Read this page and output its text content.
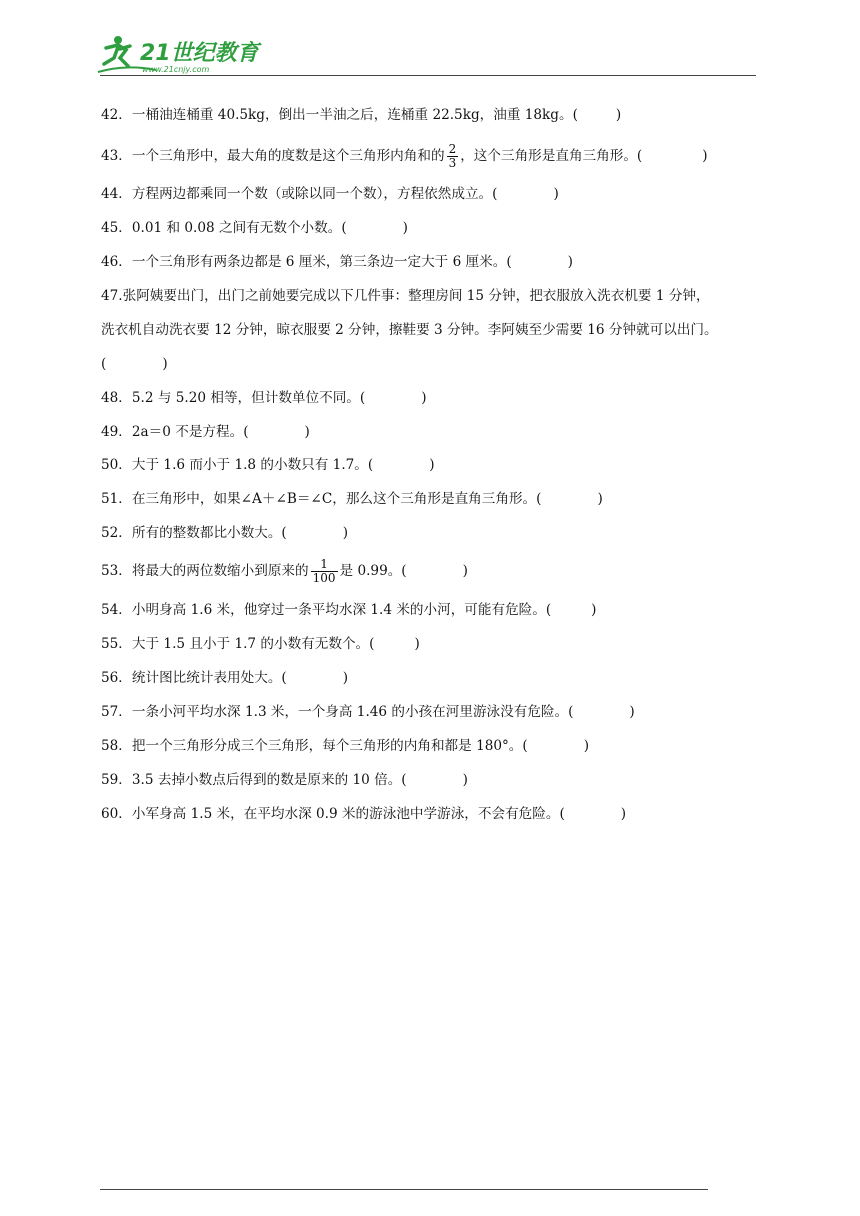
21世纪教育
www.21cnjy.com
42．一桶油连桶重 40.5kg，倒出一半油之后，连桶重 22.5kg，油重 18kg。(	)
43．一个三角形中，最大角的度数是这个三角形内角和的 $\frac{2}{3}$ ，这个三角形是直角三角形。(	)
44．方程两边都乘同一个数（或除以同一个数），方程依然成立。(	)
45．0.01 和 0.08 之间有无数个小数。(	)
46．一个三角形有两条边都是 6 厘米，第三条边一定大于 6 厘米。(	)
47.张阿姨要出门，出门之前她要完成以下几件事：整理房间 15 分钟，把衣服放入洗衣机要 1 分钟，
洗衣机自动洗衣要 12 分钟，晾衣服要 2 分钟，擦鞋要 3 分钟。李阿姨至少需要 16 分钟就可以出门。
(	)
48．5.2 与 5.20 相等，但计数单位不同。(	)
49．2a＝0 不是方程。(	)
50．大于 1.6 而小于 1.8 的小数只有 1.7。(	)
51．在三角形中，如果∠A＋∠B＝∠C，那么这个三角形是直角三角形。(	)
52．所有的整数都比小数大。(	)
53．将最大的两位数缩小到原来的 $\frac{1}{100}$ 是 0.99。(	)
54．小明身高 1.6 米，他穿过一条平均水深 1.4 米的小河，可能有危险。(	)
55．大于 1.5 且小于 1.7 的小数有无数个。(	)
56．统计图比统计表用处大。(	)
57．一条小河平均水深 1.3 米，一个身高 1.46 的小孩在河里游泳没有危险。(	)
58．把一个三角形分成三个三角形，每个三角形的内角和都是 180°。(	)
59．3.5 去掉小数点后得到的数是原来的 10 倍。(	)
60．小军身高 1.5 米，在平均水深 0.9 米的游泳池中学游泳，不会有危险。(	)
